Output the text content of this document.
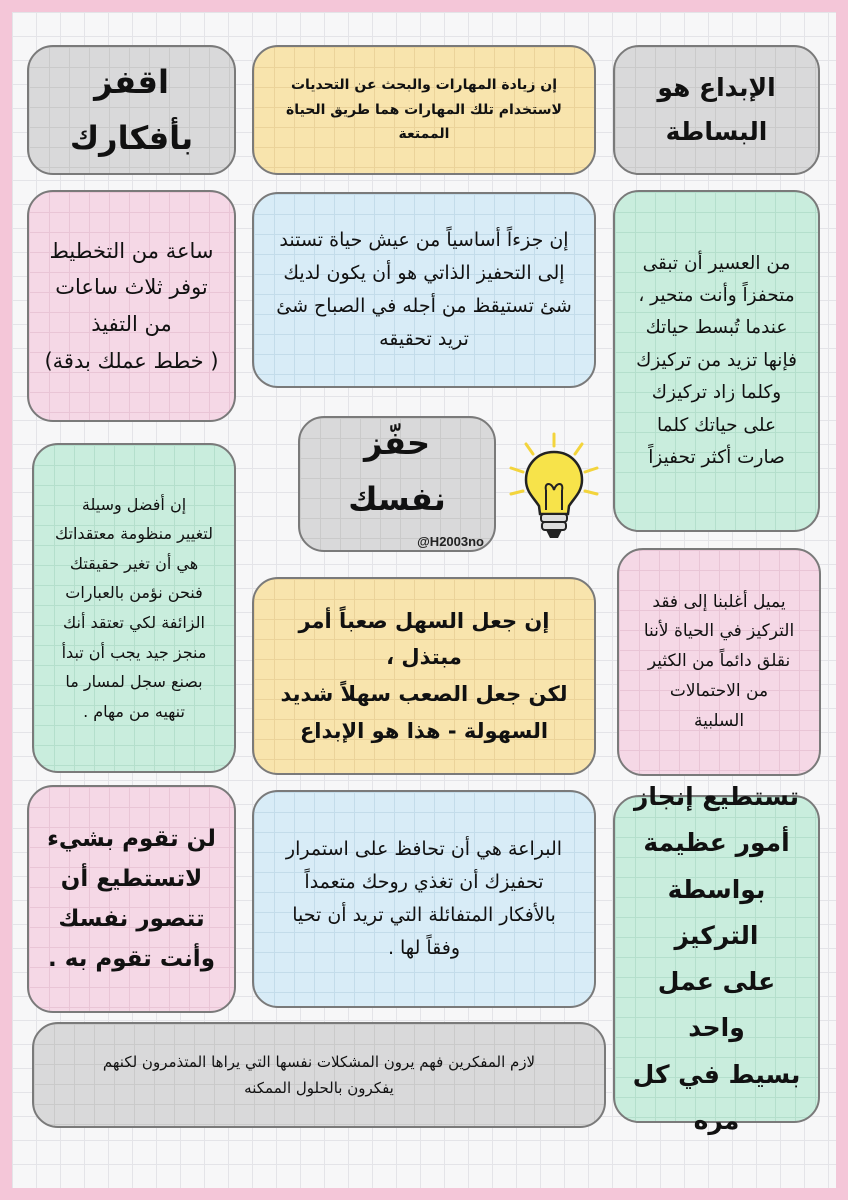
الإبداع هو
البساطة
إن زيادة المهارات والبحث عن التحديات
لاستخدام تلك المهارات هما طريق الحياة
الممتعة
اقفز بأفكارك
ساعة من التخطيط
توفر ثلاث ساعات
من التفيذ
( خطط عملك بدقة)
إن جزءاً أساسياً من عيش حياة تستند
إلى التحفيز الذاتي هو أن يكون لديك
شئ تستيقظ من أجله في الصباح شئ
تريد تحقيقه
من العسير أن تبقى
متحفزاً وأنت متحير ،
عندما تُبسط حياتك
فإنها تزيد من تركيزك
وكلما زاد تركيزك
على حياتك كلما
صارت أكثر تحفيزاً
حفّز نفسك
@H2003no
إن أفضل وسيلة
لتغيير منظومة معتقداتك
هي أن تغير حقيقتك
فنحن نؤمن بالعبارات
الزائفة لكي تعتقد أنك
منجز جيد يجب أن تبدأ
بصنع سجل لمسار ما
تنهيه من مهام .
يميل أغلبنا إلى فقد
التركيز في الحياة لأننا
نقلق دائماً من الكثير
من الاحتمالات
السلبية
إن جعل السهل صعباً أمر مبتذل ،
لكن جعل الصعب سهلاً شديد
السهولة - هذا هو الإبداع
لن تقوم بشيء
لاتستطيع أن
تتصور نفسك
وأنت تقوم به .
البراعة هي أن تحافظ على استمرار
تحفيزك أن تغذي روحك متعمداً
بالأفكار المتفائلة التي تريد أن تحيا
وفقاً لها .
تستطيع إنجاز
أمور عظيمة
بواسطة التركيز
على عمل واحد
بسيط في كل مره
لازم المفكرين فهم يرون المشكلات نفسها التي يراها المتذمرون لكنهم
يفكرون بالحلول الممكنه
